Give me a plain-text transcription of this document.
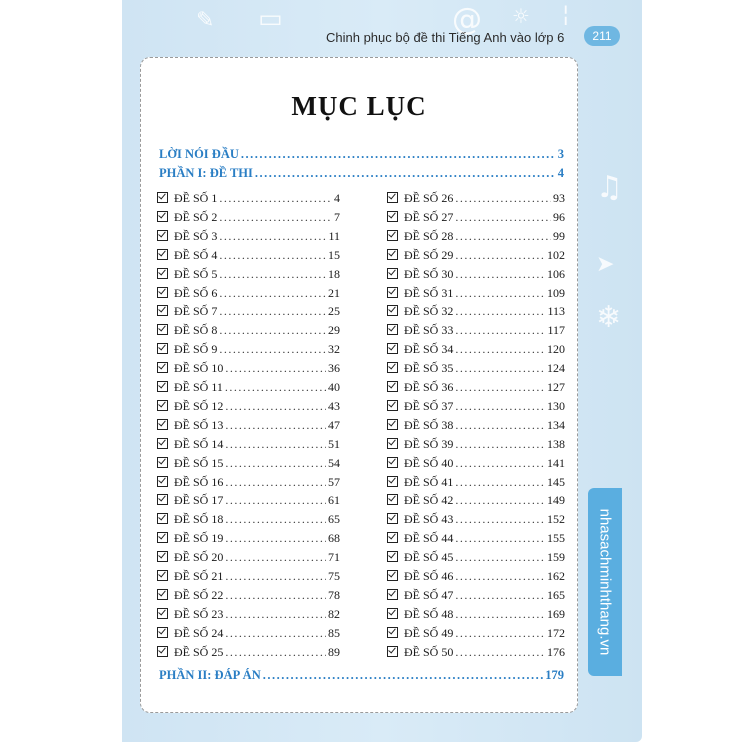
▭
✎	@ ☼ ¦
♫
➤
❄
Chinh phục bộ đề thi Tiếng Anh vào lớp 6	211
nhasachminhthang.vn
MỤC LỤC
LỜI NÓI ĐẦU .....	3
PHẦN I: ĐỀ THI .....	4
ĐỀ SỐ 1 .....	4
ĐỀ SỐ 2 .....	7
ĐỀ SỐ 3 .....	11
ĐỀ SỐ 4 .....	15
ĐỀ SỐ 5 .....	18
ĐỀ SỐ 6 .....	21
ĐỀ SỐ 7 .....	25
ĐỀ SỐ 8 .....	29
ĐỀ SỐ 9 .....	32
ĐỀ SỐ 10 .....	36
ĐỀ SỐ 11 .....	40
ĐỀ SỐ 12 .....	43
ĐỀ SỐ 13 .....	47
ĐỀ SỐ 14 .....	51
ĐỀ SỐ 15 .....	54
ĐỀ SỐ 16 .....	57
ĐỀ SỐ 17 .....	61
ĐỀ SỐ 18 .....	65
ĐỀ SỐ 19 .....	68
ĐỀ SỐ 20 .....	71
ĐỀ SỐ 21 .....	75
ĐỀ SỐ 22 .....	78
ĐỀ SỐ 23 .....	82
ĐỀ SỐ 24 .....	85
ĐỀ SỐ 25 .....	89
ĐỀ SỐ 26 .....	93
ĐỀ SỐ 27 .....	96
ĐỀ SỐ 28 .....	99
ĐỀ SỐ 29 .....	102
ĐỀ SỐ 30 .....	106
ĐỀ SỐ 31 .....	109
ĐỀ SỐ 32 .....	113
ĐỀ SỐ 33 .....	117
ĐỀ SỐ 34 .....	120
ĐỀ SỐ 35 .....	124
ĐỀ SỐ 36 .....	127
ĐỀ SỐ 37 .....	130
ĐỀ SỐ 38 .....	134
ĐỀ SỐ 39 .....	138
ĐỀ SỐ 40 .....	141
ĐỀ SỐ 41 .....	145
ĐỀ SỐ 42 .....	149
ĐỀ SỐ 43 .....	152
ĐỀ SỐ 44 .....	155
ĐỀ SỐ 45 .....	159
ĐỀ SỐ 46 .....	162
ĐỀ SỐ 47 .....	165
ĐỀ SỐ 48 .....	169
ĐỀ SỐ 49 .....	172
ĐỀ SỐ 50 .....	176
PHẦN II: ĐÁP ÁN .....	179
